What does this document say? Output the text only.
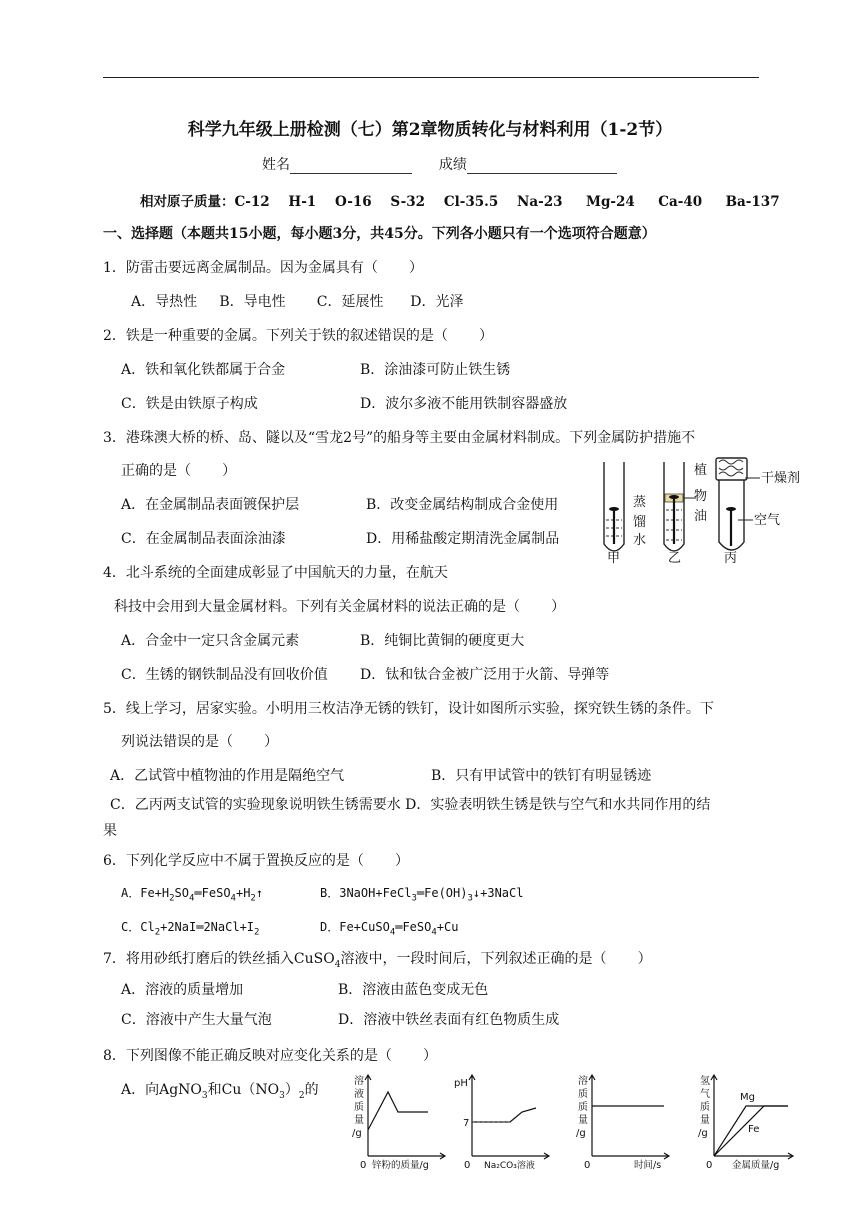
科学九年级上册检测（七）第2章物质转化与材料利用（1-2节）
姓名	成绩
相对原子质量：C-12    H-1    O-16    S-32    Cl-35.5    Na-23     Mg-24     Ca-40     Ba-137
一、选择题（本题共15小题，每小题3分，共45分。下列各小题只有一个选项符合题意）
1．防雷击要远离金属制品。因为金属具有（       ）
A．导热性     B．导电性       C．延展性      D．光泽
2．铁是一种重要的金属。下列关于铁的叙述错误的是（       ）
A．铁和氧化铁都属于合金	B．涂油漆可防止铁生锈
C．铁是由铁原子构成	D．波尔多液不能用铁制容器盛放
3．港珠澳大桥的桥、岛、隧以及“雪龙2号”的船身等主要由金属材料制成。下列金属防护措施不
正确的是（       ）
A．在金属制品表面镀保护层	B．改变金属结构制成合金使用
C．在金属制品表面涂油漆	D．用稀盐酸定期清洗金属制品
蒸
馏
水
植
物
油
干燥剂
空气
甲	乙	丙
4．北斗系统的全面建成彰显了中国航天的力量，在航天
科技中会用到大量金属材料。下列有关金属材料的说法正确的是（       ）
A．合金中一定只含金属元素	B．纯铜比黄铜的硬度更大
C．生锈的钢铁制品没有回收价值 D．钛和钛合金被广泛用于火箭、导弹等
5．线上学习，居家实验。小明用三枚洁净无锈的铁钉，设计如图所示实验，探究铁生锈的条件。下
列说法错误的是（       ）
A．乙试管中植物油的作用是隔绝空气	B．只有甲试管中的铁钉有明显锈迹
C．乙丙两支试管的实验现象说明铁生锈需要水 D．实验表明铁生锈是铁与空气和水共同作用的结
果
6．下列化学反应中不属于置换反应的是（       ）
A．$Fe+H_2SO_4═FeSO_4+H_2↑$	B．$3NaOH+FeCl_3═Fe(OH)_3↓+3NaCl$
C．$Cl_2+2NaI═2NaCl+I_2$	D．Fe+CuSO$_4$═FeSO$_4$+Cu
7．将用砂纸打磨后的铁丝插入CuSO$_4$溶液中，一段时间后，下列叙述正确的是（       ）
A．溶液的质量增加	B．溶液由蓝色变成无色
C．溶液中产生大量气泡	D．溶液中铁丝表面有红色物质生成
8．下列图像不能正确反映对应变化关系的是（       ）
A．向AgNO$_3$和$Cu(NO_3)_2$的
溶
液
质
量
/g
0 锌粉的质量/g
pH
7
0 Na₂CO₃溶液
溶
质
质
量
/g
0	时间/s
氢
气
质
量
/g
0
Mg
Fe
金属质量/g
